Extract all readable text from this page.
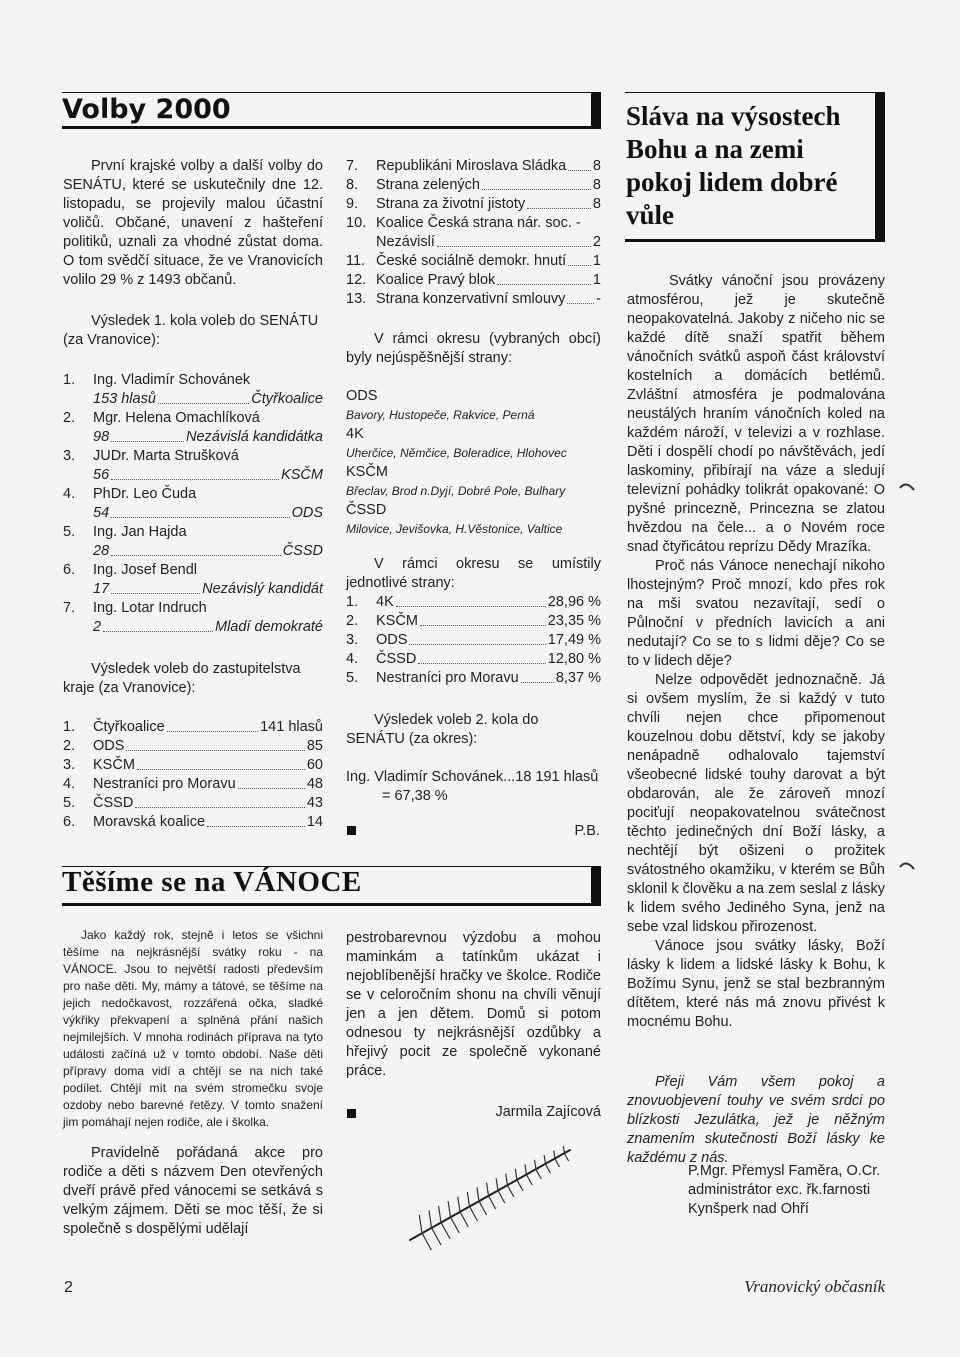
Volby 2000
První krajské volby a další volby do SENÁTU, které se uskutečnily dne 12. listopadu, se projevily malou účastní voličů. Občané, unavení z hašteření politiků, uznali za vhodné zůstat doma. O tom svědčí situace, že ve Vranovicích volilo 29 % z 1493 občanů.
Výsledek 1. kola voleb do SENÁTU (za Vranovice):
1.	Ing. Vladimír Schovánek
153 hlasů	Čtyřkoalice
2.	Mgr. Helena Omachlíková
98	Nezávislá kandidátka
3.	JUDr. Marta Strušková
56	KSČM
4.	PhDr. Leo Čuda
54	ODS
5.	Ing. Jan Hajda
28	ČSSD
6.	Ing. Josef Bendl
17	Nezávislý kandidát
7.	Ing. Lotar Indruch
2	Mladí demokraté
Výsledek voleb do zastupitelstva kraje (za Vranovice):
1.	Čtyřkoalice	141 hlasů
2.	ODS	85
3.	KSČM	60
4.	Nestraníci pro Moravu	48
5.	ČSSD	43
6.	Moravská koalice	14
7.	Republikáni Miroslava Sládka 8
8.	Strana zelených	8
9.	Strana za životní jistoty	8
10. Koalice Česká strana nár. soc. -
Nezávislí	2
11. České sociálně demokr. hnutí 1
12. Koalice Pravý blok	1
13. Strana konzervativní smlouvy -
V rámci okresu (vybraných obcí) byly nejúspěšnější strany:
ODS
Bavory, Hustopeče, Rakvice, Perná
4K
Uherčice, Němčice, Boleradice, Hlohovec
KSČM
Břeclav, Brod n.Dyjí, Dobré Pole, Bulhary
ČSSD
Milovice, Jevišovka, H.Věstonice, Valtice
V rámci okresu se umístily jednotlivé strany:
1.	4K	28,96 %
2.	KSČM	23,35 %
3.	ODS	17,49 %
4.	ČSSD	12,80 %
5.	Nestraníci pro Moravu	8,37 %
Výsledek voleb 2. kola do SENÁTU (za okres):
Ing. Vladimír Schovánek...18 191 hlasů
= 67,38 %
P.B.
Těšíme se na VÁNOCE
Jako každý rok, stejně i letos se všichni těšíme na nejkrásnější svátky roku - na VÁNOCE. Jsou to největší radosti především pro naše děti. My, mámy a tátové, se těšíme na jejich nedočkavost, rozzářená očka, sladké výkřiky překvapení a splněná přání našich nejmilejších. V mnoha rodinách příprava na tyto události začíná už v tomto období. Naše děti přípravy doma vidí a chtějí se na nich také podílet. Chtějí mít na svém stromečku svoje ozdoby nebo barevné řetězy. V tomto snažení jim pomáhají nejen rodiče, ale i školka.
Pravidelně pořádaná akce pro rodiče a děti s názvem Den otevřených dveří právě před vánocemi se setkává s velkým zájmem. Děti se moc těší, že si společně s dospělými udělají
pestrobarevnou výzdobu a mohou maminkám a tatínkům ukázat i nejoblíbenější hračky ve školce. Rodiče se v celoročním shonu na chvíli věnují jen a jen dětem. Domů si potom odnesou ty nejkrásnější ozdůbky a hřejivý pocit ze společně vykonané práce.
Jarmila Zajícová
Sláva na výsostech Bohu a na zemi pokoj lidem dobré vůle

Svátky vánoční jsou provázeny atmosférou, jež je skutečně neopakovatelná. Jakoby z ničeho nic se každé dítě snaží spatřit během vánočních svátků aspoň část království kostelních a domácích betlémů. Zvláštní atmosféra je podmalována neustálých hraním vánočních koled na každém nároží, v televizi a v rozhlase. Děti i dospělí chodí po návštěvách, jedí laskominy, přibírají na váze a sledují televizní pohádky tolikrát opakované: O pyšné princezně, Princezna se zlatou hvězdou na čele... a o Novém roce snad čtyřicátou reprízu Dědy Mrazíka.

Proč nás Vánoce nenechají nikoho lhostejným? Proč mnozí, kdo přes rok na mši svatou nezavítají, sedí o Půlnoční v předních lavicích a ani nedutají? Co se to s lidmi děje? Co se to v lidech děje?

Nelze odpovědět jednoznačně. Já si ovšem myslím, že si každý v tuto chvíli nejen chce připomenout kouzelnou dobu dětství, kdy se jakoby nenápadně odhalovalo tajemství všeobecné lidské touhy darovat a být obdarován, ale že zároveň mnozí pociťují neopakovatelnou svátečnost těchto jedinečných dní Boží lásky, a nechtějí být ošizeni o prožitek svátostného okamžiku, v kterém se Bůh sklonil k člověku a na zem seslal z lásky k lidem svého Jediného Syna, jenž na sebe vzal lidskou přirozenost.

Vánoce jsou svátky lásky, Boží lásky k lidem a lidské lásky k Bohu, k Božímu Synu, jenž se stal bezbranným dítětem, které nás má znovu přivést k mocnému Bohu.

Přeji Vám všem pokoj a znovuobjevení touhy ve svém srdci po blízkosti Jezulátka, jež je něžným znamením skutečnosti Boží lásky ke každému z nás.
P.Mgr. Přemysl Faměra, O.Cr.
administrátor exc. řk.farnosti
Kynšperk nad Ohří
2	Vranovický občasník
